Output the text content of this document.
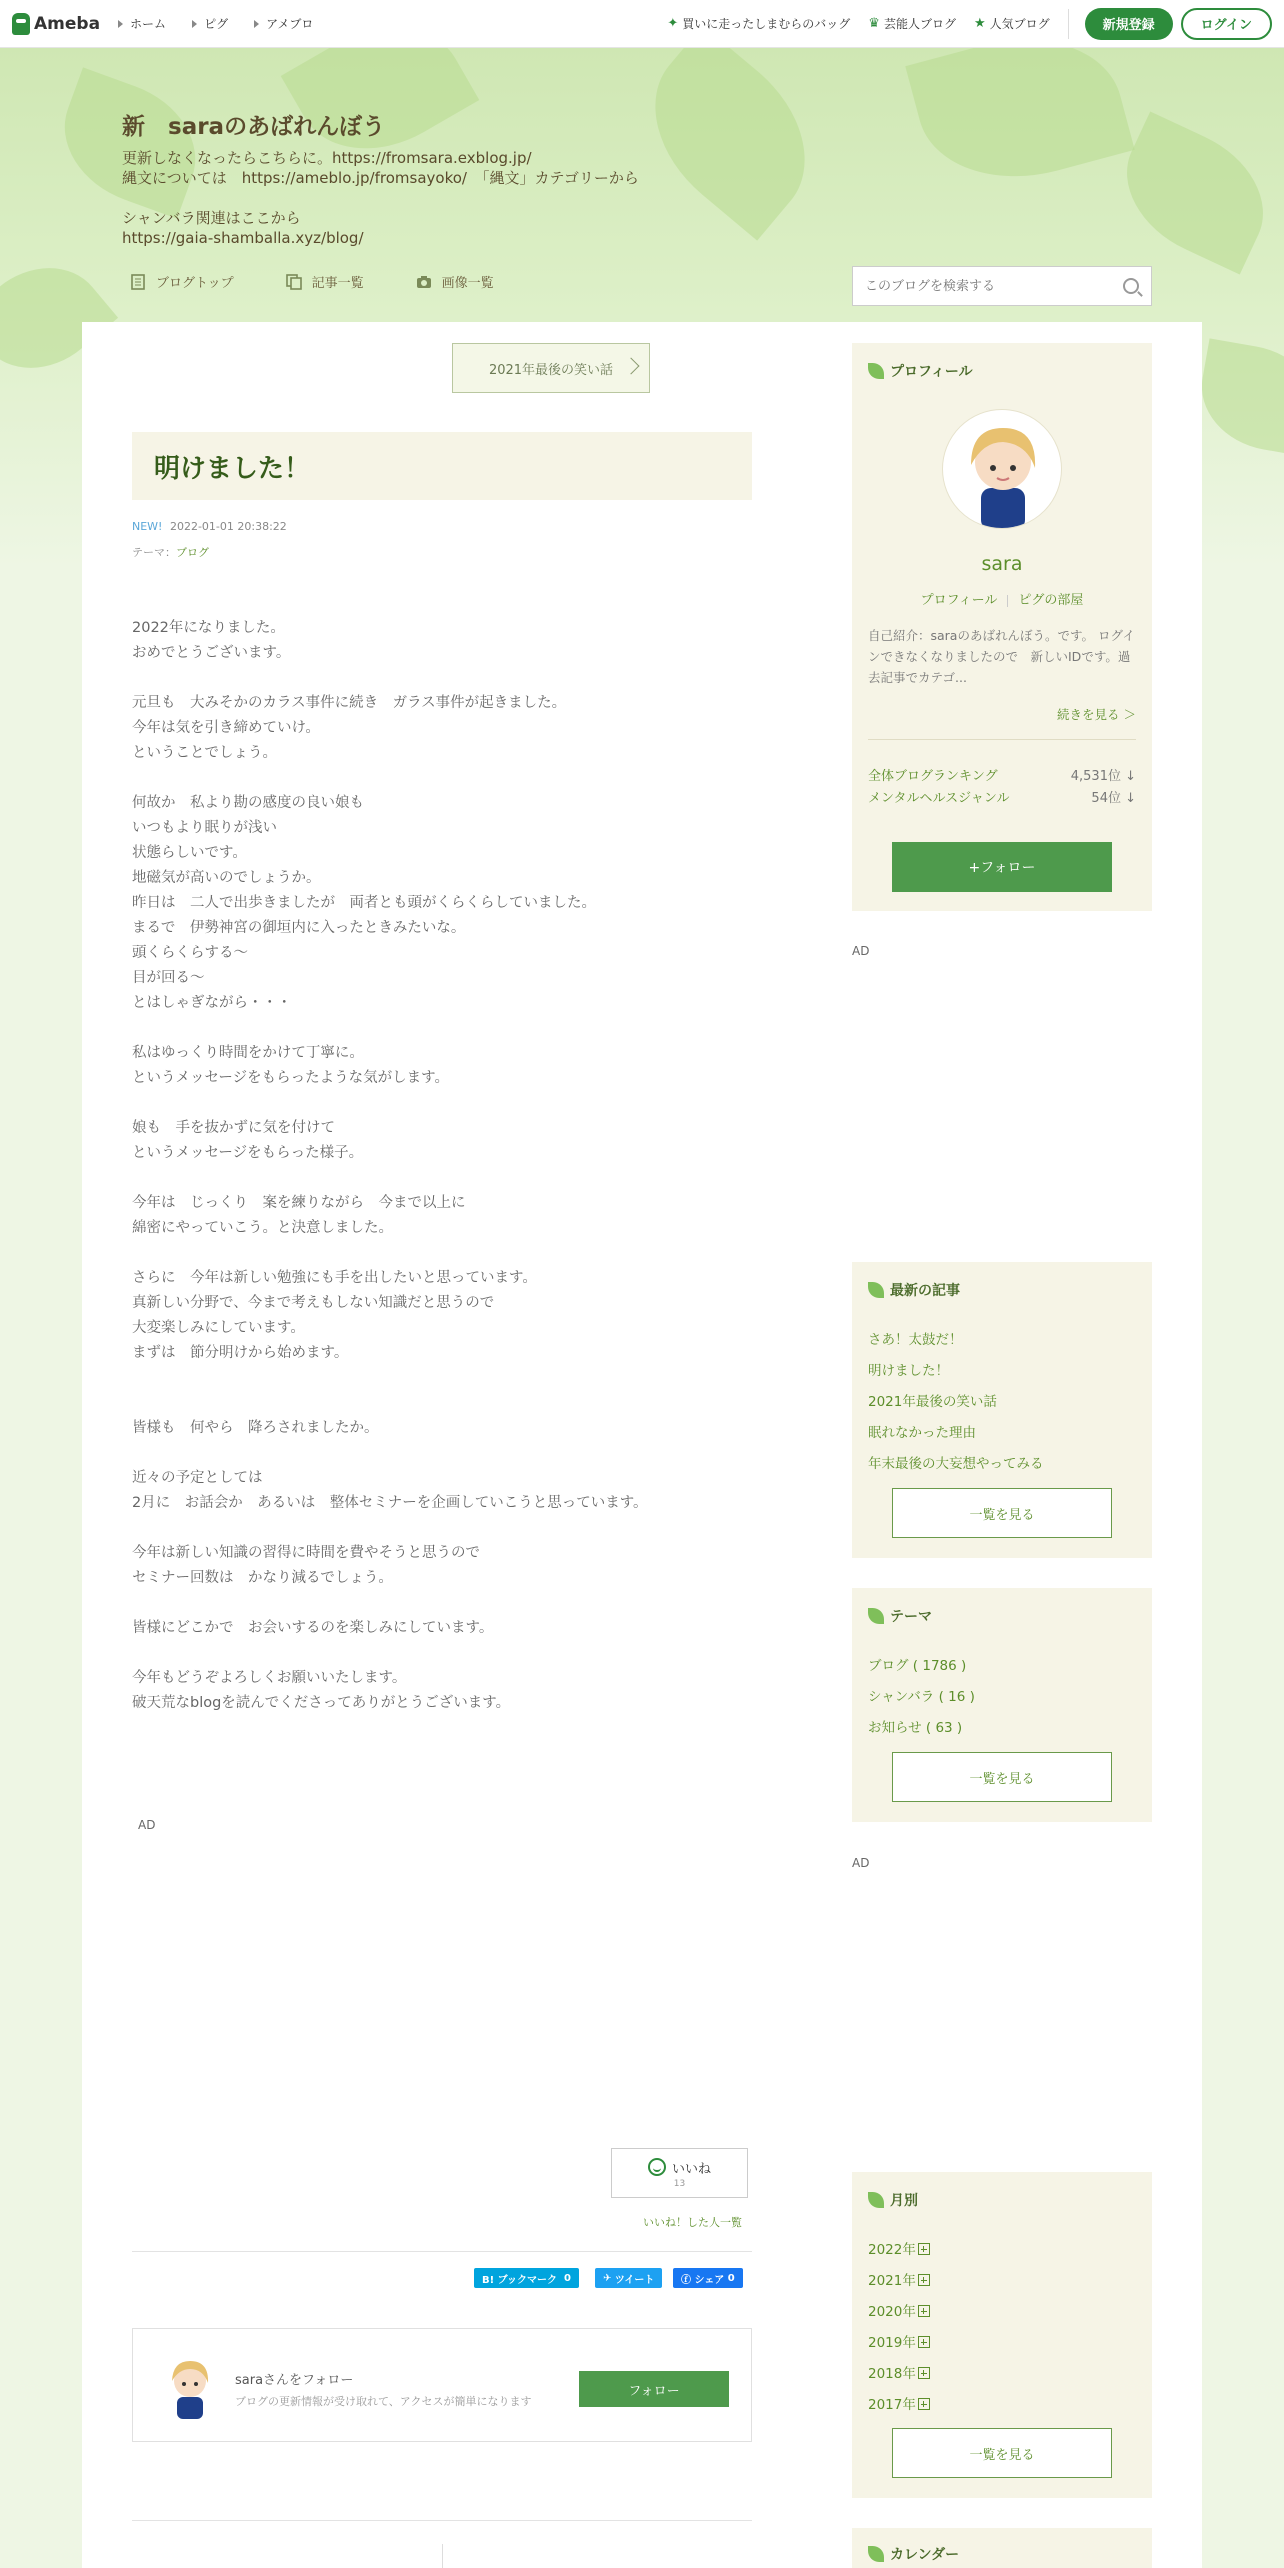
Ameba	ホーム	ピグ	アメブロ	✦ 買いに走ったしまむらのバッグ ♛ 芸能人ブログ ★ 人気ブログ	新規登録	ログイン
新　saraのあばれんぼう
更新しなくなったらこちらに。https://fromsara.exblog.jp/
縄文については　https://ameblo.jp/fromsayoko/　「縄文」カテゴリーから

シャンバラ関連はここから
https://gaia-shamballa.xyz/blog/
ブログトップ	記事一覧	画像一覧
このブログを検索する
2021年最後の笑い話
明けました！
NEW! 2022-01-01 20:38:22
テーマ：ブログ
2022年になりました。
おめでとうございます。

元旦も　大みそかのカラス事件に続き　ガラス事件が起きました。
今年は気を引き締めていけ。
ということでしょう。

何故か　私より勘の感度の良い娘も
いつもより眠りが浅い
状態らしいです。
地磁気が高いのでしょうか。
昨日は　二人で出歩きましたが　両者とも頭がくらくらしていました。
まるで　伊勢神宮の御垣内に入ったときみたいな。
頭くらくらする～
目が回る～
とはしゃぎながら・・・

私はゆっくり時間をかけて丁寧に。
というメッセージをもらったような気がします。

娘も　手を抜かずに気を付けて
というメッセージをもらった様子。

今年は　じっくり　案を練りながら　今まで以上に
綿密にやっていこう。と決意しました。

さらに　今年は新しい勉強にも手を出したいと思っています。
真新しい分野で、今まで考えもしない知識だと思うので
大変楽しみにしています。
まずは　節分明けから始めます。

皆様も　何やら　降ろされましたか。

近々の予定としては
2月に　お話会か　あるいは　整体セミナーを企画していこうと思っています。

今年は新しい知識の習得に時間を費やそうと思うので
セミナー回数は　かなり減るでしょう。

皆様にどこかで　お会いするのを楽しみにしています。

今年もどうぞよろしくお願いいたします。
破天荒なblogを読んでくださってありがとうございます。
AD
いいね
13
いいね！した人一覧
B! ブックマーク
0	✈
ツイート	ⓕ
シェア
0
saraさんをフォロー
ブログの更新情報が受け取れて、アクセスが簡単になります
フォロー
プロフィール
sara
プロフィール ピグの部屋
自己紹介：saraのあばれんぼう。です。 ログインできなくなりましたので　新しいIDです。過去記事でカテゴ...
続きを見る ＞
全体ブログランキング	4,531位 ↓
メンタルヘルスジャンル	54位 ↓
+フォロー
AD
最新の記事
さあ！太鼓だ！
明けました！
2021年最後の笑い話
眠れなかった理由
年末最後の大妄想やってみる
一覧を見る
テーマ
ブログ ( 1786 )
シャンバラ ( 16 )
お知らせ ( 63 )
一覧を見る
AD
月別
2022年
2021年
2020年
2019年
2018年
2017年
一覧を見る
カレンダー
